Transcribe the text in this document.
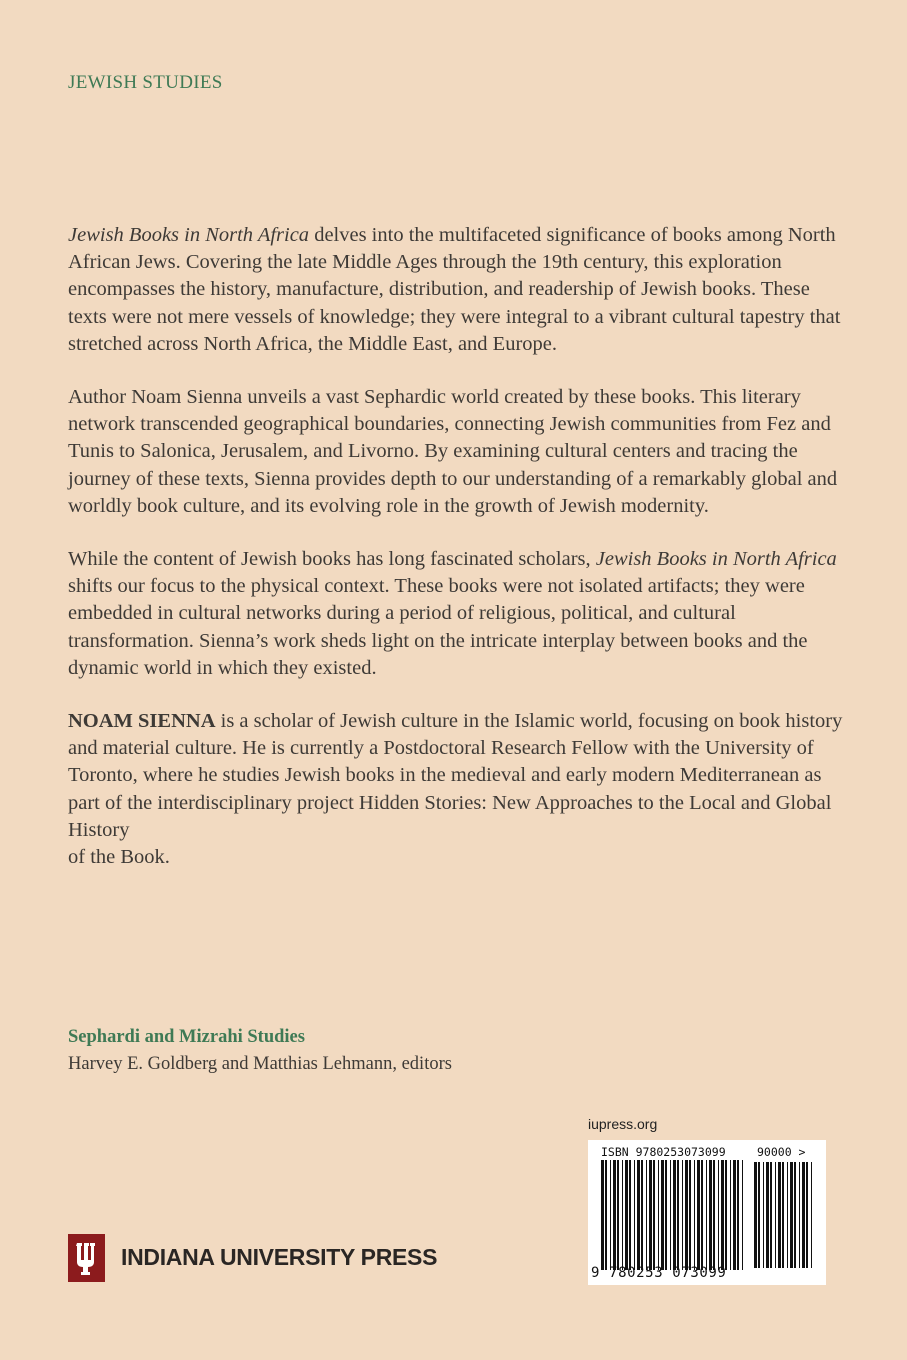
JEWISH STUDIES

Jewish Books in North Africa delves into the multifaceted significance of books among North African Jews. Covering the late Middle Ages through the 19th century, this exploration encompasses the history, manufacture, distribution, and readership of Jewish books. These texts were not mere vessels of knowledge; they were integral to a vibrant cultural tapestry that stretched across North Africa, the Middle East, and Europe.

Author Noam Sienna unveils a vast Sephardic world created by these books. This literary network transcended geographical boundaries, connecting Jewish communities from Fez and Tunis to Salonica, Jerusalem, and Livorno. By examining cultural centers and tracing the journey of these texts, Sienna provides depth to our understanding of a remarkably global and worldly book culture, and its evolving role in the growth of Jewish modernity.

While the content of Jewish books has long fascinated scholars, Jewish Books in North Africa shifts our focus to the physical context. These books were not isolated artifacts; they were embedded in cultural networks during a period of religious, political, and cultural transformation. Sienna’s work sheds light on the intricate interplay between books and the dynamic world in which they existed.

NOAM SIENNA is a scholar of Jewish culture in the Islamic world, focusing on book history and material culture. He is currently a Postdoctoral Research Fellow with the University of Toronto, where he studies Jewish books in the medieval and early modern Mediterranean as part of the interdisciplinary project Hidden Stories: New Approaches to the Local and Global History
of the Book.

Sephardi and Mizrahi Studies
Harvey E. Goldberg and Matthias Lehmann, editors
iupress.org
ISBN 9780253073099	90000 >
9 780253 073099
INDIANA UNIVERSITY PRESS
